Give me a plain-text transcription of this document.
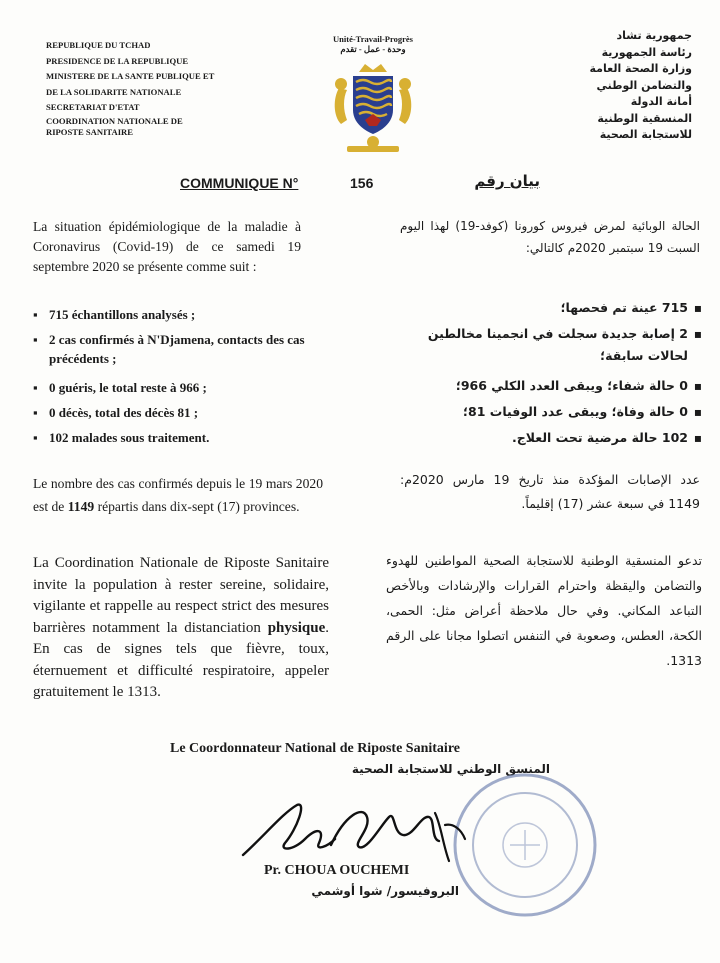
REPUBLIQUE DU TCHAD
PRESIDENCE DE LA REPUBLIQUE
MINISTERE DE LA SANTE PUBLIQUE ET
DE LA SOLIDARITE NATIONALE
SECRETARIAT D'ETAT
COORDINATION NATIONALE DE
RIPOSTE SANITAIRE
Unité-Travail-Progrès
وحدة - عمل - تقدم
جمهورية تشاد
رئاسة الجمهورية
وزارة الصحة العامة
والتضامن الوطني
أمانة الدولة
المنسقية الوطنية
للاستجابة الصحية
COMMUNIQUE N°	156	بيان رقم
La situation épidémiologique de la maladie à Coronavirus (Covid-19) de ce samedi 19 septembre 2020 se présente comme suit :
▪ 715 échantillons analysés ;
▪ 2 cas confirmés à N'Djamena, contacts des cas précédents ;
▪ 0 guéris, le total reste à 966 ;
▪ 0 décès, total des décès 81 ;
▪ 102 malades sous traitement.
Le nombre des cas confirmés depuis le 19 mars 2020 est de 1149 répartis dans dix-sept (17) provinces.
La Coordination Nationale de Riposte Sanitaire invite la population à rester sereine, solidaire, vigilante et rappelle au respect strict des mesures barrières notamment la distanciation physique. En cas de signes tels que fièvre, toux, éternuement et difficulté respiratoire, appeler gratuitement le 1313.
الحالة الوبائية لمرض فيروس كورونا (كوفد-19) لهذا اليوم السبت 19 سبتمبر 2020م كالتالي:
▪ 715 عينة تم فحصها؛
▪ 2 إصابة جديدة سجلت في انجمينا مخالطين لحالات سابقة؛
▪ 0 حالة شفاء؛ ويبقى العدد الكلي 966؛
▪ 0 حالة وفاة؛ ويبقى عدد الوفيات 81؛
▪ 102 حالة مرضية تحت العلاج.
عدد الإصابات المؤكدة منذ تاريخ 19 مارس 2020م: 1149 في سبعة عشر (17) إقليماً.
تدعو المنسقية الوطنية للاستجابة الصحية المواطنين للهدوء والتضامن واليقظة واحترام القرارات والإرشادات وبالأخص التباعد المكاني. وفي حال ملاحظة أعراض مثل: الحمى، الكحة، العطس، وصعوبة في التنفس اتصلوا مجانا على الرقم 1313.
Le Coordonnateur National de Riposte Sanitaire
المنسق الوطني للاستجابة الصحية
Pr. CHOUA OUCHEMI
البروفيسور/ شوا أوشمي
